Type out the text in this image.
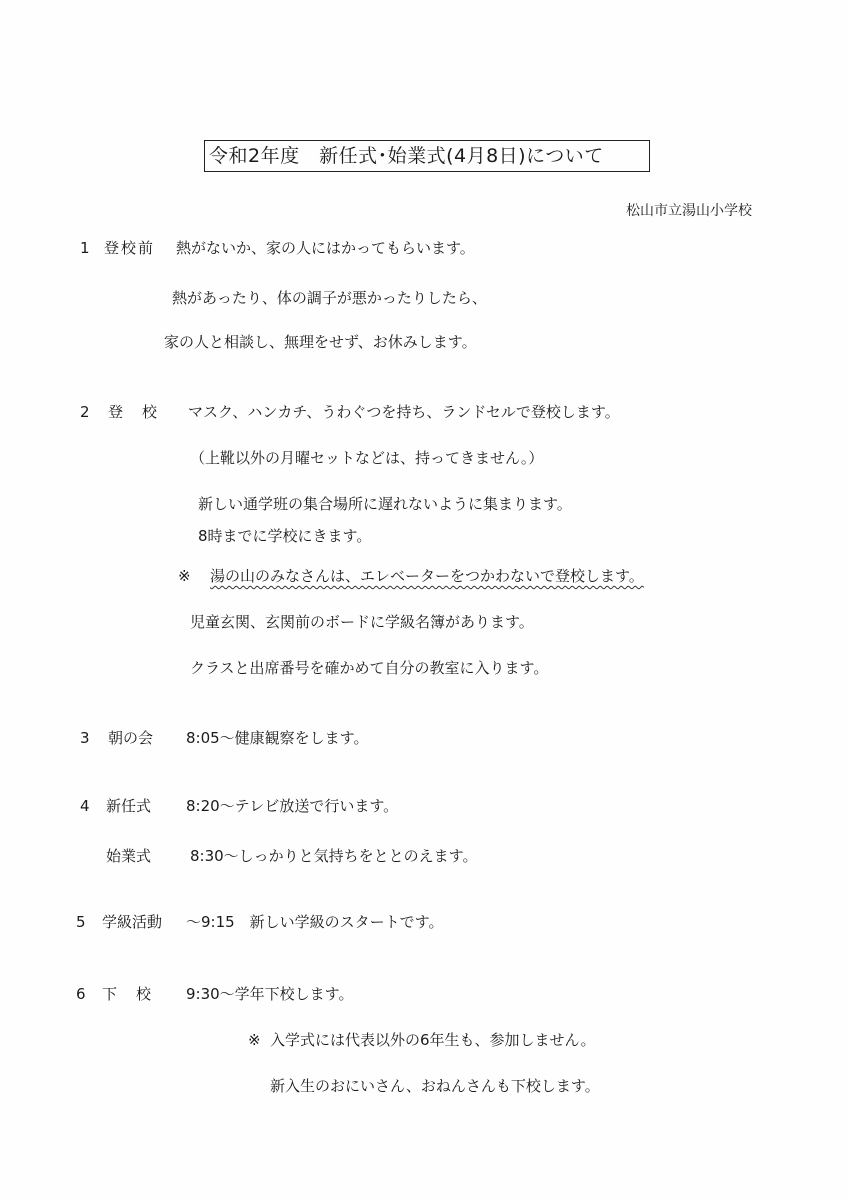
令和2年度　新任式･始業式(4月8日)について
松山市立湯山小学校
1 登校前 熱がないか、家の人にはかってもらいます。
熱があったり、体の調子が悪かったりしたら、
家の人と相談し、無理をせず、お休みします。
2 登　校 マスク、ハンカチ、うわぐつを持ち、ランドセルで登校します。
（上靴以外の月曜セットなどは、持ってきません。）
新しい通学班の集合場所に遅れないように集まります。
8時までに学校にきます。
※ 湯の山のみなさんは、エレベーターをつかわないで登校します。
児童玄関、玄関前のボードに学級名簿があります。
クラスと出席番号を確かめて自分の教室に入ります。
3 朝の会 8:05～健康観察をします。
4 新任式 8:20～テレビ放送で行います。
始業式	8:30～しっかりと気持ちをととのえます。
5 学級活動 ～9:15　新しい学級のスタートです。
6 下　校 9:30～学年下校します。
※ 入学式には代表以外の6年生も、参加しません。
新入生のおにいさん、おねんさんも下校します。
